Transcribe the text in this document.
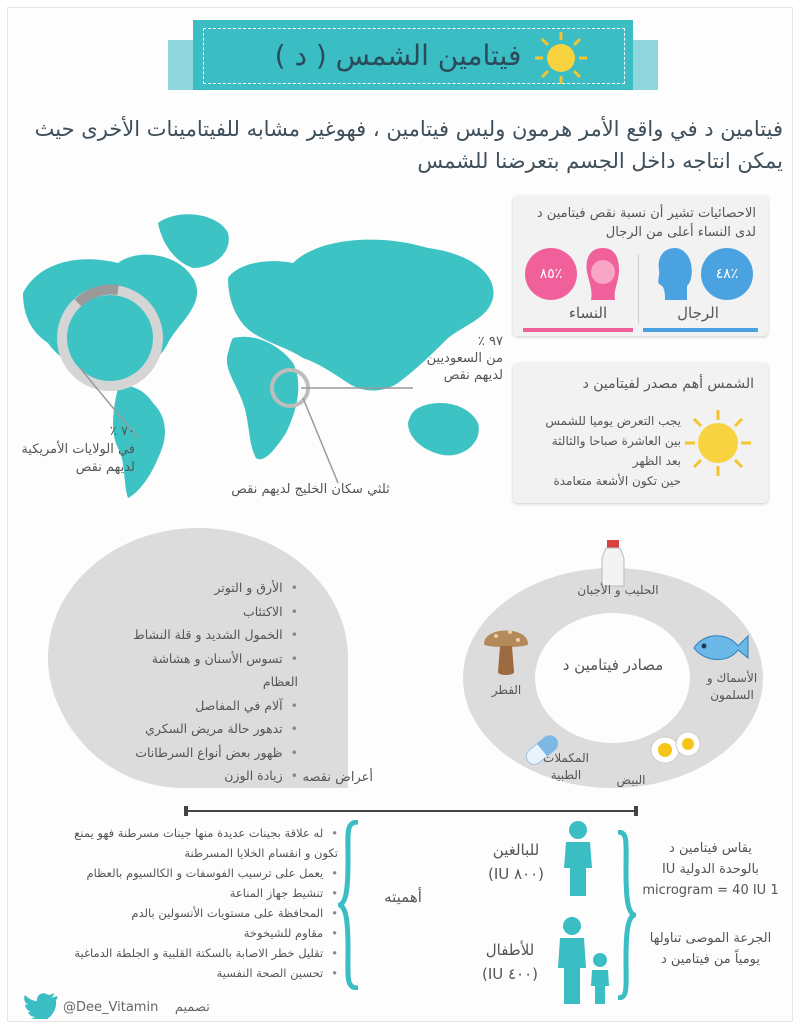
فيتامين الشمس ( د )
فيتامين د في واقع الأمر هرمون وليس فيتامين ، فهوغير مشابه للفيتامينات الأخرى حيث يمكن انتاجه داخل الجسم بتعرضنا للشمس
٧٠ ٪
في الولايات الأمريكية لديهم نقص
٩٧ ٪
من السعوديين لديهم نقص
ثلثي سكان الخليج لديهم نقص
الاحصائيات تشير أن نسبة نقص فيتامين د لدى النساء أعلى من الرجال
٨٥٪
النساء
٤٨٪
الرجال
الشمس أهم مصدر لفيتامين د
يجب التعرض يوميا للشمس
بين العاشرة صباحا والثالثة
بعد الظهر
حين تكون الأشعة متعامدة
• الأرق و التوتر
• الاكتئاب
• الخمول الشديد و قلة النشاط
• تسوس الأسنان و هشاشة العظام
• آلام في المفاصل
• تدهور حالة مريض السكري
• ظهور بعض أنواع السرطانات
• زيادة الوزن	أعراض نقصه
مصادر فيتامين د
الحليب و الأجبان
الأسماك و السلمون
البيض
المكملات الطبية
الفطر
• له علاقة بجينات عديدة منها جينات مسرطنة فهو يمنع تكون و انقسام الخلايا المسرطنة
• يعمل على ترسيب الفوسفات و الكالسيوم بالعظام
• تنشيط جهاز المناعة
• المحافظة على مستويات الأنسولين بالدم
• مقاوم للشيخوخة
• تقليل خطر الاصابة بالسكتة القلبية و الجلطة الدماغية
• تحسين الصحة النفسية
أهميته
للبالغين
(٨٠٠ IU)
للأطفال
(٤٠٠ IU)
يقاس فيتامين د
بالوحدة الدولية IU
1 microgram = 40 IU
الجرعة الموصى تناولها
يومياً من فيتامين د
تصميم    @Dee_Vitamin
